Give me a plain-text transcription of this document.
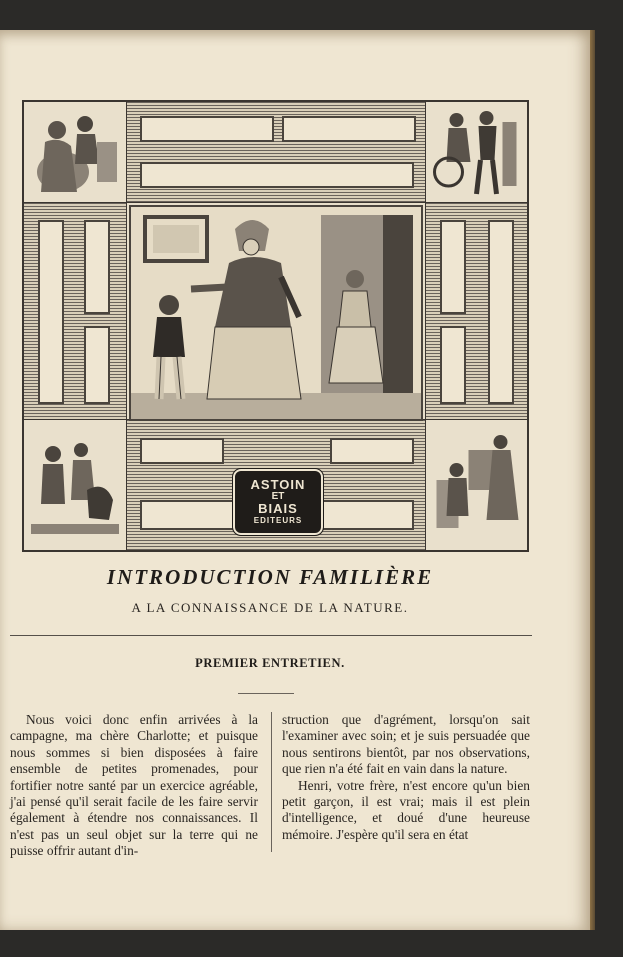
ASTOIN
ET
BIAIS
EDITEURS
INTRODUCTION FAMILIÈRE
A LA CONNAISSANCE DE LA NATURE.
PREMIER ENTRETIEN.

Nous voici donc enfin arrivées à la campagne, ma chère Charlotte; et puisque nous sommes si bien disposées à faire ensemble de petites promenades, pour fortifier notre santé par un exercice agréable, j'ai pensé qu'il serait facile de les faire servir également à étendre nos connaissances. Il n'est pas un seul objet sur la terre qui ne puisse offrir autant d'in-

struction que d'agrément, lorsqu'on sait l'examiner avec soin; et je suis persuadée que nous sentirons bientôt, par nos observations, que rien n'a été fait en vain dans la nature.

Henri, votre frère, n'est encore qu'un bien petit garçon, il est vrai; mais il est plein d'intelligence, et doué d'une heureuse mémoire. J'espère qu'il sera en état
